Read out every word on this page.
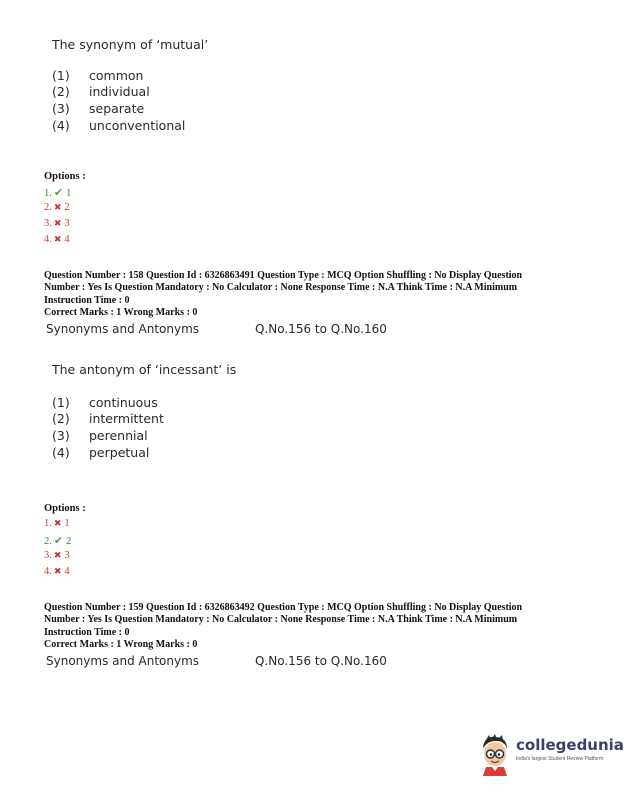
The synonym of ‘mutual’
(1) common
(2) individual
(3) separate
(4) unconventional
Options :
1. ✔ 1
2. ✖ 2
3. ✖ 3
4. ✖ 4
Question Number : 158 Question Id : 6326863491 Question Type : MCQ Option Shuffling : No Display Question
Number : Yes Is Question Mandatory : No Calculator : None Response Time : N.A Think Time : N.A Minimum
Instruction Time : 0
Correct Marks : 1 Wrong Marks : 0
Synonyms and Antonyms	Q.No.156 to Q.No.160
The antonym of ‘incessant’ is
(1) continuous
(2) intermittent
(3) perennial
(4) perpetual
Options :
1. ✖ 1
2. ✔ 2
3. ✖ 3
4. ✖ 4
Question Number : 159 Question Id : 6326863492 Question Type : MCQ Option Shuffling : No Display Question
Number : Yes Is Question Mandatory : No Calculator : None Response Time : N.A Think Time : N.A Minimum
Instruction Time : 0
Correct Marks : 1 Wrong Marks : 0
Synonyms and Antonyms	Q.No.156 to Q.No.160
collegedunia
India's largest Student Review Platform
